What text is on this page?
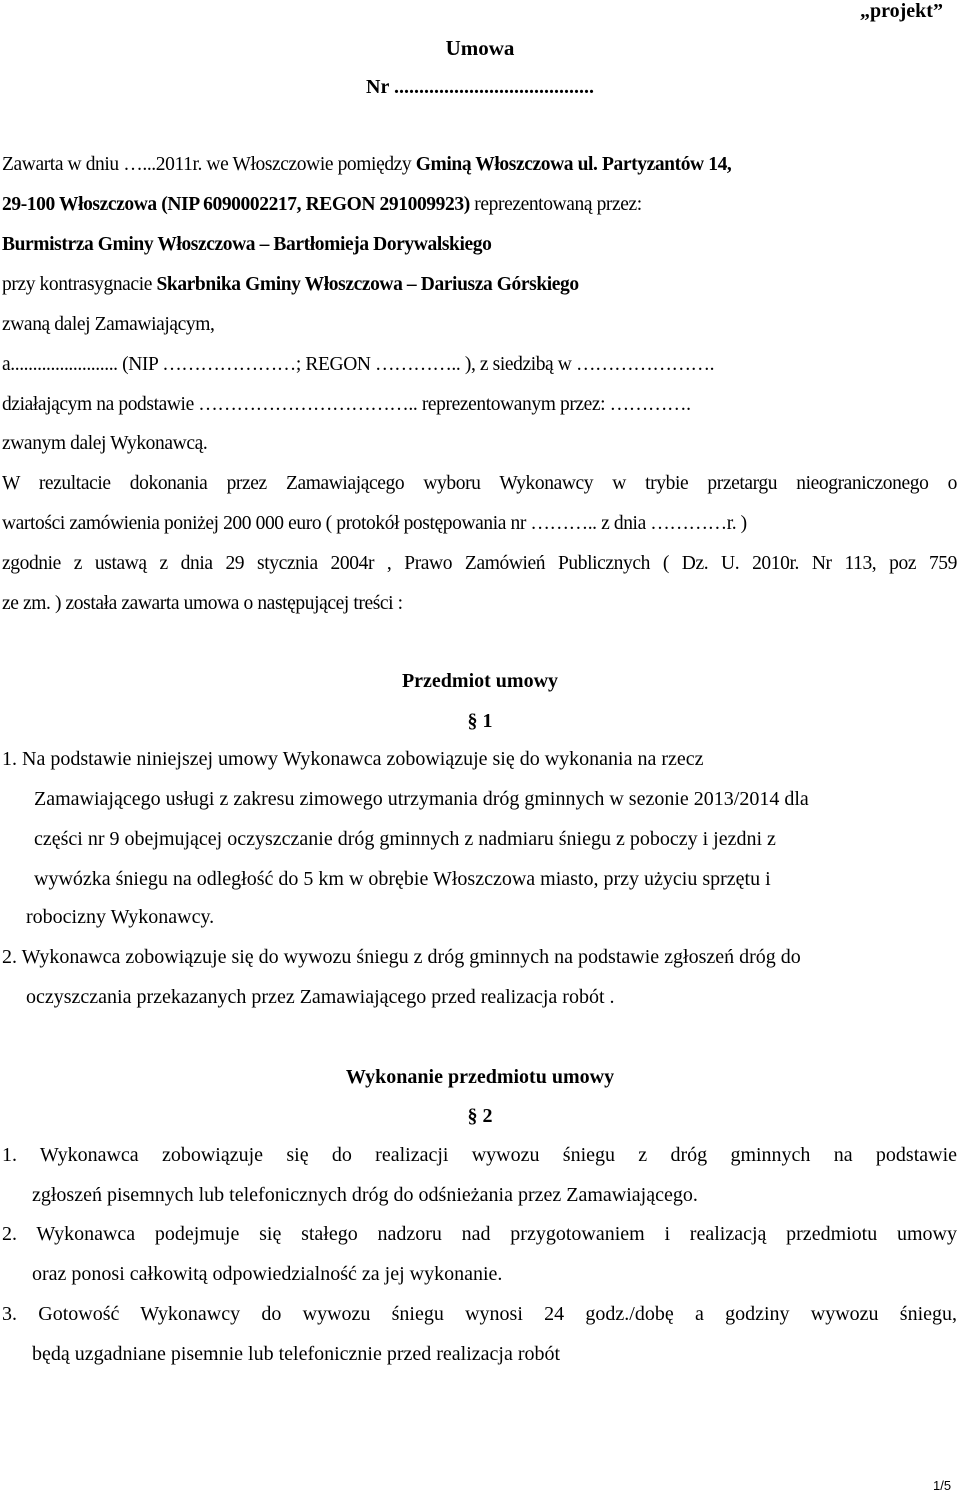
„projekt”
Umowa
Nr ........................................
Zawarta w dniu …...2011r. we Włoszczowie pomiędzy Gminą Włoszczowa ul. Partyzantów 14,
29-100 Włoszczowa (NIP 6090002217, REGON 291009923) reprezentowaną przez:
Burmistrza Gminy Włoszczowa – Bartłomieja Dorywalskiego
przy kontrasygnacie Skarbnika Gminy Włoszczowa – Dariusza Górskiego
zwaną dalej Zamawiającym,
a........................ (NIP …………………; REGON ………….. ), z siedzibą w ………………….
działającym na podstawie …………………………….. reprezentowanym przez: ………….
zwanym dalej Wykonawcą.
W rezultacie dokonania przez Zamawiającego wyboru Wykonawcy w trybie przetargu nieograniczonego o
wartości zamówienia poniżej 200 000 euro ( protokół postępowania nr ……….. z dnia …………r. )
zgodnie z ustawą z dnia 29 stycznia 2004r , Prawo Zamówień Publicznych ( Dz. U. 2010r. Nr 113, poz 759
ze zm. ) została zawarta umowa o następującej treści :
Przedmiot umowy
§ 1
1. Na podstawie niniejszej umowy Wykonawca zobowiązuje się do wykonania na rzecz
Zamawiającego usługi z zakresu zimowego utrzymania dróg gminnych w sezonie 2013/2014 dla
części nr 9 obejmującej oczyszczanie dróg gminnych z nadmiaru śniegu z poboczy i jezdni z
wywózka śniegu na odległość do 5 km w obrębie Włoszczowa miasto, przy użyciu sprzętu i
robocizny Wykonawcy.
2. Wykonawca zobowiązuje się do wywozu śniegu z dróg gminnych na podstawie zgłoszeń dróg do
oczyszczania przekazanych przez Zamawiającego przed realizacja robót .
Wykonanie przedmiotu umowy
§ 2
1. Wykonawca zobowiązuje się do realizacji wywozu śniegu z dróg gminnych na podstawie
zgłoszeń pisemnych lub telefonicznych dróg do odśnieżania przez Zamawiającego.
2. Wykonawca podejmuje się stałego nadzoru nad przygotowaniem i realizacją przedmiotu umowy
oraz ponosi całkowitą odpowiedzialność za jej wykonanie.
3. Gotowość Wykonawcy do wywozu śniegu wynosi 24 godz./dobę a godziny wywozu śniegu,
będą uzgadniane pisemnie lub telefonicznie przed realizacja robót
1/5
